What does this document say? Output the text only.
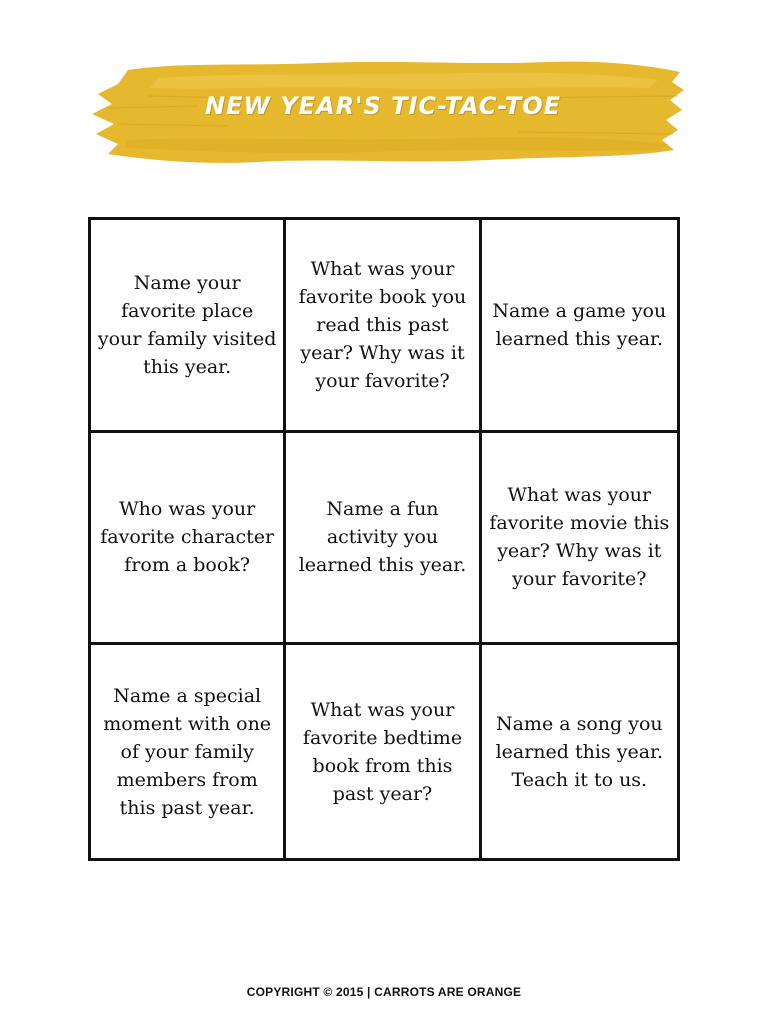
NEW YEAR'S TIC-TAC-TOE
Name your favorite place your family visited this year.
What was your favorite book you read this past year? Why was it your favorite?
Name a game you learned this year.
Who was your favorite character from a book?
Name a fun activity you learned this year.
What was your favorite movie this year? Why was it your favorite?
Name a special moment with one of your family members from this past year.
What was your favorite bedtime book from this past year?
Name a song you learned this year. Teach it to us.
COPYRIGHT © 2015 | CARROTS ARE ORANGE
